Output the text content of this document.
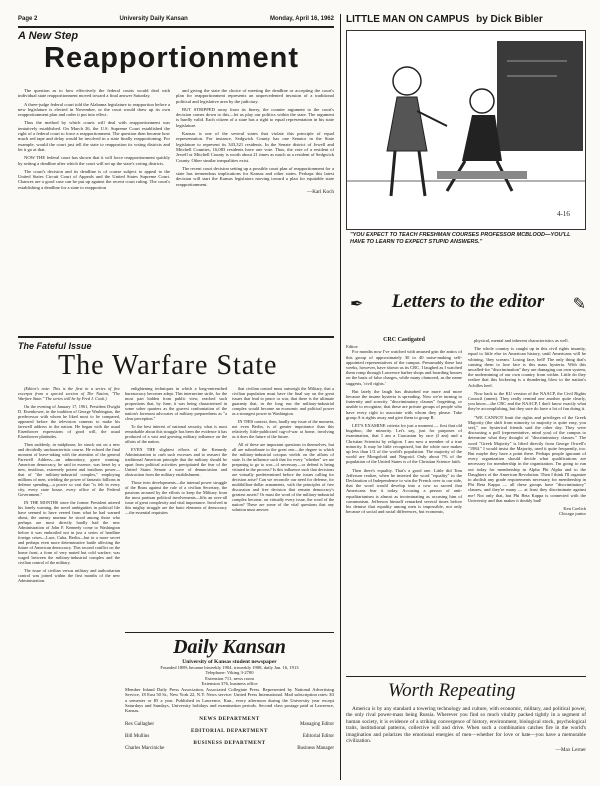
Page 2	University Daily Kansan	Monday, April 16, 1962
A New Step
Reapportionment

The question as to how effectively the federal courts would deal with individual state reapportionment moved toward a final answer Saturday.

A three-judge federal court told the Alabama legislature to reapportion before a new legislature is elected in November, or the court would draw up its own reapportionment plan and order it put into effect.

Thus the method by which courts will deal with reapportionment was tentatively established. On March 26, the U.S. Supreme Court established the right of a federal court to force a reapportionment. The question then became how much red tape and delay would be involved in a state finally reapportioning. For example, would the court just tell the state to reapportion its voting districts and let it go at that.

NOW THE federal court has shown that it will force reapportionment quickly by setting a deadline after which the court will set up the state's voting districts.

The court's decision and its deadline is of course subject to appeal to the United States Circuit Court of Appeals and the United States Supreme Court. Chances are a good case can be put up against the recent court ruling. The court's establishing a deadline for a state to reapportion

and giving the state the choice of meeting the deadline or accepting the court's plan for reapportionment represents an unprecedented invasion of a traditional political and legislative area by the judiciary.

BUT STRIPPED away from its finery, the counter argument to the court's decision comes down to this—let us play our politics within the state. The argument is hardly valid. Each citizen of a state has a right to equal representation in his state legislature.

Kansas is one of the several states that violate this principle of equal representation. For instance, Sedgwick County has one Senator in the State legislature to represent its 343,321 residents. In the Senate district of Jewell and Mitchell Counties, 16,083 residents have one vote. Thus, the vote of a resident of Jewell or Mitchell County is worth about 21 times as much as a resident of Sedgwick County. Other similar inequalities exist.

The recent court decision setting up a possible court plan of reapportionment for a state has tremendous implications for Kansas and other states. Perhaps this latest decision will start the Kansas legislators moving toward a plan for equitable state reapportionment.

—Karl Koch

LITTLE MAN ON CAMPUS by Dick Bibler
4-16
"YOU EXPECT TO TEACH FRESHMAN COURSES PROFESSOR MCBLOOD—YOU'LL HAVE TO LEARN TO EXPECT STUPID ANSWERS."
The Fateful Issue
The Warfare State

(Editor's note: This is the first in a series of five excerpts from a special section of The Nation, "The Warfare State." The series will be by Fred J. Cook.)

On the evening of January 17, 1961, President Dwight D. Eisenhower, in the tradition of George Washington, the predecessor with whom he liked most to be compared, appeared before the television cameras to make his farewell address to the nation. He began with the usual Eisenhower expressions of good will, the usual Eisenhower platitudes.

Then suddenly, in midphrase, he struck out on a new and decidedly uncharacteristic course. He echoed the final moment of leave-taking with the attention of the general Farewell Address—an admonitory, grave warning. American democracy, he said in essence, was beset by a new, insidious, extremely potent and insidious power—that of "the military-industrial complex," employing millions of men, wielding the power of fantastic billions in defense spending—a power so vast that "is felt in every city, every state house, every office of the Federal Government."

IN THE MONTHS since the former President uttered his lonely warning, the novel ambiguities in political life have seemed to have veered from what he had warned about, the uneasy murmur he stood among those who perhaps are most directly hardly had the new Administration of John F. Kennedy come to Washington before it was embroiled not in just a series of headline foreign crises—Laos, Cuba, Berlin—but in a more secret and perhaps even more determinative battle affecting the future of American democracy. This second conflict on the home front, a form of very muted but cold warfare, was waged between the military-industrial complex and the civilian control of the military.

The issue of civilian versus military and authoritarian control was joined within the first months of the new Administration.

enlightening techniques in which a long-entrenched bureaucracy becomes adept. This internecine strife, for the most part hidden from public view, reached such proportions that, by June, it was being characterized in some sober quarters as the gravest confrontation of the nation's foremost advocates of military preparedness as "a clear perception."

To the best interest of national security, what is most remarkable about this struggle has been the evidence it has produced of a vast and growing military influence on the affairs of the nation.

EVEN THE slightest efforts of the Kennedy Administration to curb such excesses and to reassert the traditional American principle that the military should be apart from political activities precipitated the fear of the United States Senate a wave of denunciation and obstruction from the military establishment.

Those twin developments—the internal power struggle of the Brass against the rule of a civilian Secretary, the passions aroused by the efforts to keep the Military from the most partisan political involvements—lifts an over-all issue of great complexity and vital importance. Involved in this mighty struggle are the basic elements of democracy—the essential requisites

that civilian control must outweigh the Military, that a civilian population must have the final say on the great issues that lead to peace or war, that there is the ultimate guaranty that, in the long run the military-industrial complex would become an economic and political power as a strongest power in Washington.

IN THIS context, then, hardly any issue of the moment, not even Berlin, is of greater importance than this relatively little-publicized tug-of-war at home, involving as it does the future of the future.

All of these are important questions in themselves, but all are subordinate to the great one—the degree to which the military-industrial octopus wields on the affairs of state. Is the influence such that for every "whether" we are preparing to go to war—if necessary—or defend is being vitiated in the process? Is this influence such that decisions are virtually predetermined before the issues calling for decision arise? Can we reconcile our need for defense, for multibillion-dollar armaments, with the principles of free discussion and free decision that remain democracy's greatest assets? Or must the word of the military-industrial complex become, on virtually every issue, the word of the nation? These are some of the vital questions that any solution must answer.

Daily Kansan
University of Kansas student newspaper
Founded 1889, became biweekly 1904, triweekly 1908, daily Jan. 16, 1913
Telephone: Viking 3-2700
Extension 711, news room
Extension 376, business office
Member Inland Daily Press Association, Associated Collegiate Press. Represented by National Advertising Service, 18 East 50 St., New York 22, N.Y. News service: United Press International. Mail subscription rates: $3 a semester or $5 a year. Published in Lawrence, Kan., every afternoon during the University year except Saturdays and Sundays, University holidays and examination periods. Second class postage paid at Lawrence, Kansas.
NEWS DEPARTMENT
Rex Gallagher	Managing Editor
EDITORIAL DEPARTMENT
Bill Mullins	Editorial Editor
BUSINESS DEPARTMENT
Charles Marciniche	Business Manager
Letters to the editor
✒	✎

CRC Castigated

Editor:

For months now I've watched with amused grin the antics of this group of approximately 30 to 40 noise-making self-appointed representatives of the campus. Presumably these last weeks, however, have shown us its CRC. I laughed as I watched them romp through Lawrence barber shops and boarding houses on the basis of false charges, while many clamored, as the name suggests, 'civil rights.'

But lately the laugh has disturbed me more and more because the insane hysteria is spreading. Now we're turning to fraternity and sorority "discriminatory clauses" forgetting, or unable to recognize, that these are private groups of people who have every right to associate with whom they please. Take group A is rights away and give them to group B.

LET'S EXAMINE criteria for just a moment — first that old bugaboo, the minority. Let's say, just for purposes of examination, that I am a Caucasian by race (I am) and a Christian Scientist by religion. I am now a member of a true minority. It may be little recognized, but the white race makes up less than 1/3 of the world's population. The majority of the world are Mongoloid and Negroid. Only about 7% of the population of the United States is of the Christian Science faith.

Then there's equality. That's a good one. Little did Tom Jefferson realize, when he inserted the word "equality" in the Declaration of Independence to win the French over to our side, that the word would develop into a cow so sacred that Americans fear it today. Accusing a person of anti-equalitarianism is almost as incriminating as accusing him of communism. Jefferson himself remarked several times before his demise that equality among men is impossible, not only because of social and racial differences, but economic,

physical, mental and inherent characteristics as well.

The whole country is caught up in this civil rights insanity, equal to little else in American history, until Americans will be whining, 'they scream.' Losing face, hell! The only thing that's causing them to lose face is this mass hysteria. With this uncalled-for "discrimination" they are damaging our own system, the undermining of our own country from within. Little do they realize that this bickering is a thundering blow to the nation's Achilles heel.

Now back to the KU version of the NAACP, the Civil Rights Council (amen). They really remind one another quite clearly, you know—the CRC and the NAACP, I don't know exactly what they're accomplishing, but they sure do have a lot of fun doing it.

"WE CANNOT limit the rights and privileges of the Greek Majority (the shift from minority to majority is quite easy, you see)," our hysterical friends said the other day. They were discussing a poll (representative, mind you) of the campus to determine what they thought of "discriminatory clauses." The word "Greek Majority" is lifted directly from George Orwell's "1984." I would insist the Majority, used it quite frequently, too. But maybe they have a point there. Perhaps people ignorant of every organization should decide what qualifications are necessary for membership in the organization. I'm going to run out today for membership in Alpha Phi Alpha and to the Daughters of the American Revolution. Then I think I'll organize to abolish any grade requirements necessary for membership in Phi Beta Kappa — all these groups have "discriminatory" clauses, and they're many — at least they discriminate against me! Not only that, but Phi Beta Kappa is connected with the University and that makes it doubly bad!

Ken Coelich

Chicago junior

Worth Repeating

America is by any standard a towering technology and culture, with economic, military, and political power, the only rival power-mass being Russia. Wherever you find so much vitality packed tightly in a segment of human society, it is evidence of a striking convergence of history, environment, biological stock, psychological traits, institutional patterns, collective will and drive. When such a combination catches fire in the world's imagination and polarizes the emotional energies of men—whether for love or hate—you have a memorable civilization.

—Max Lerner
